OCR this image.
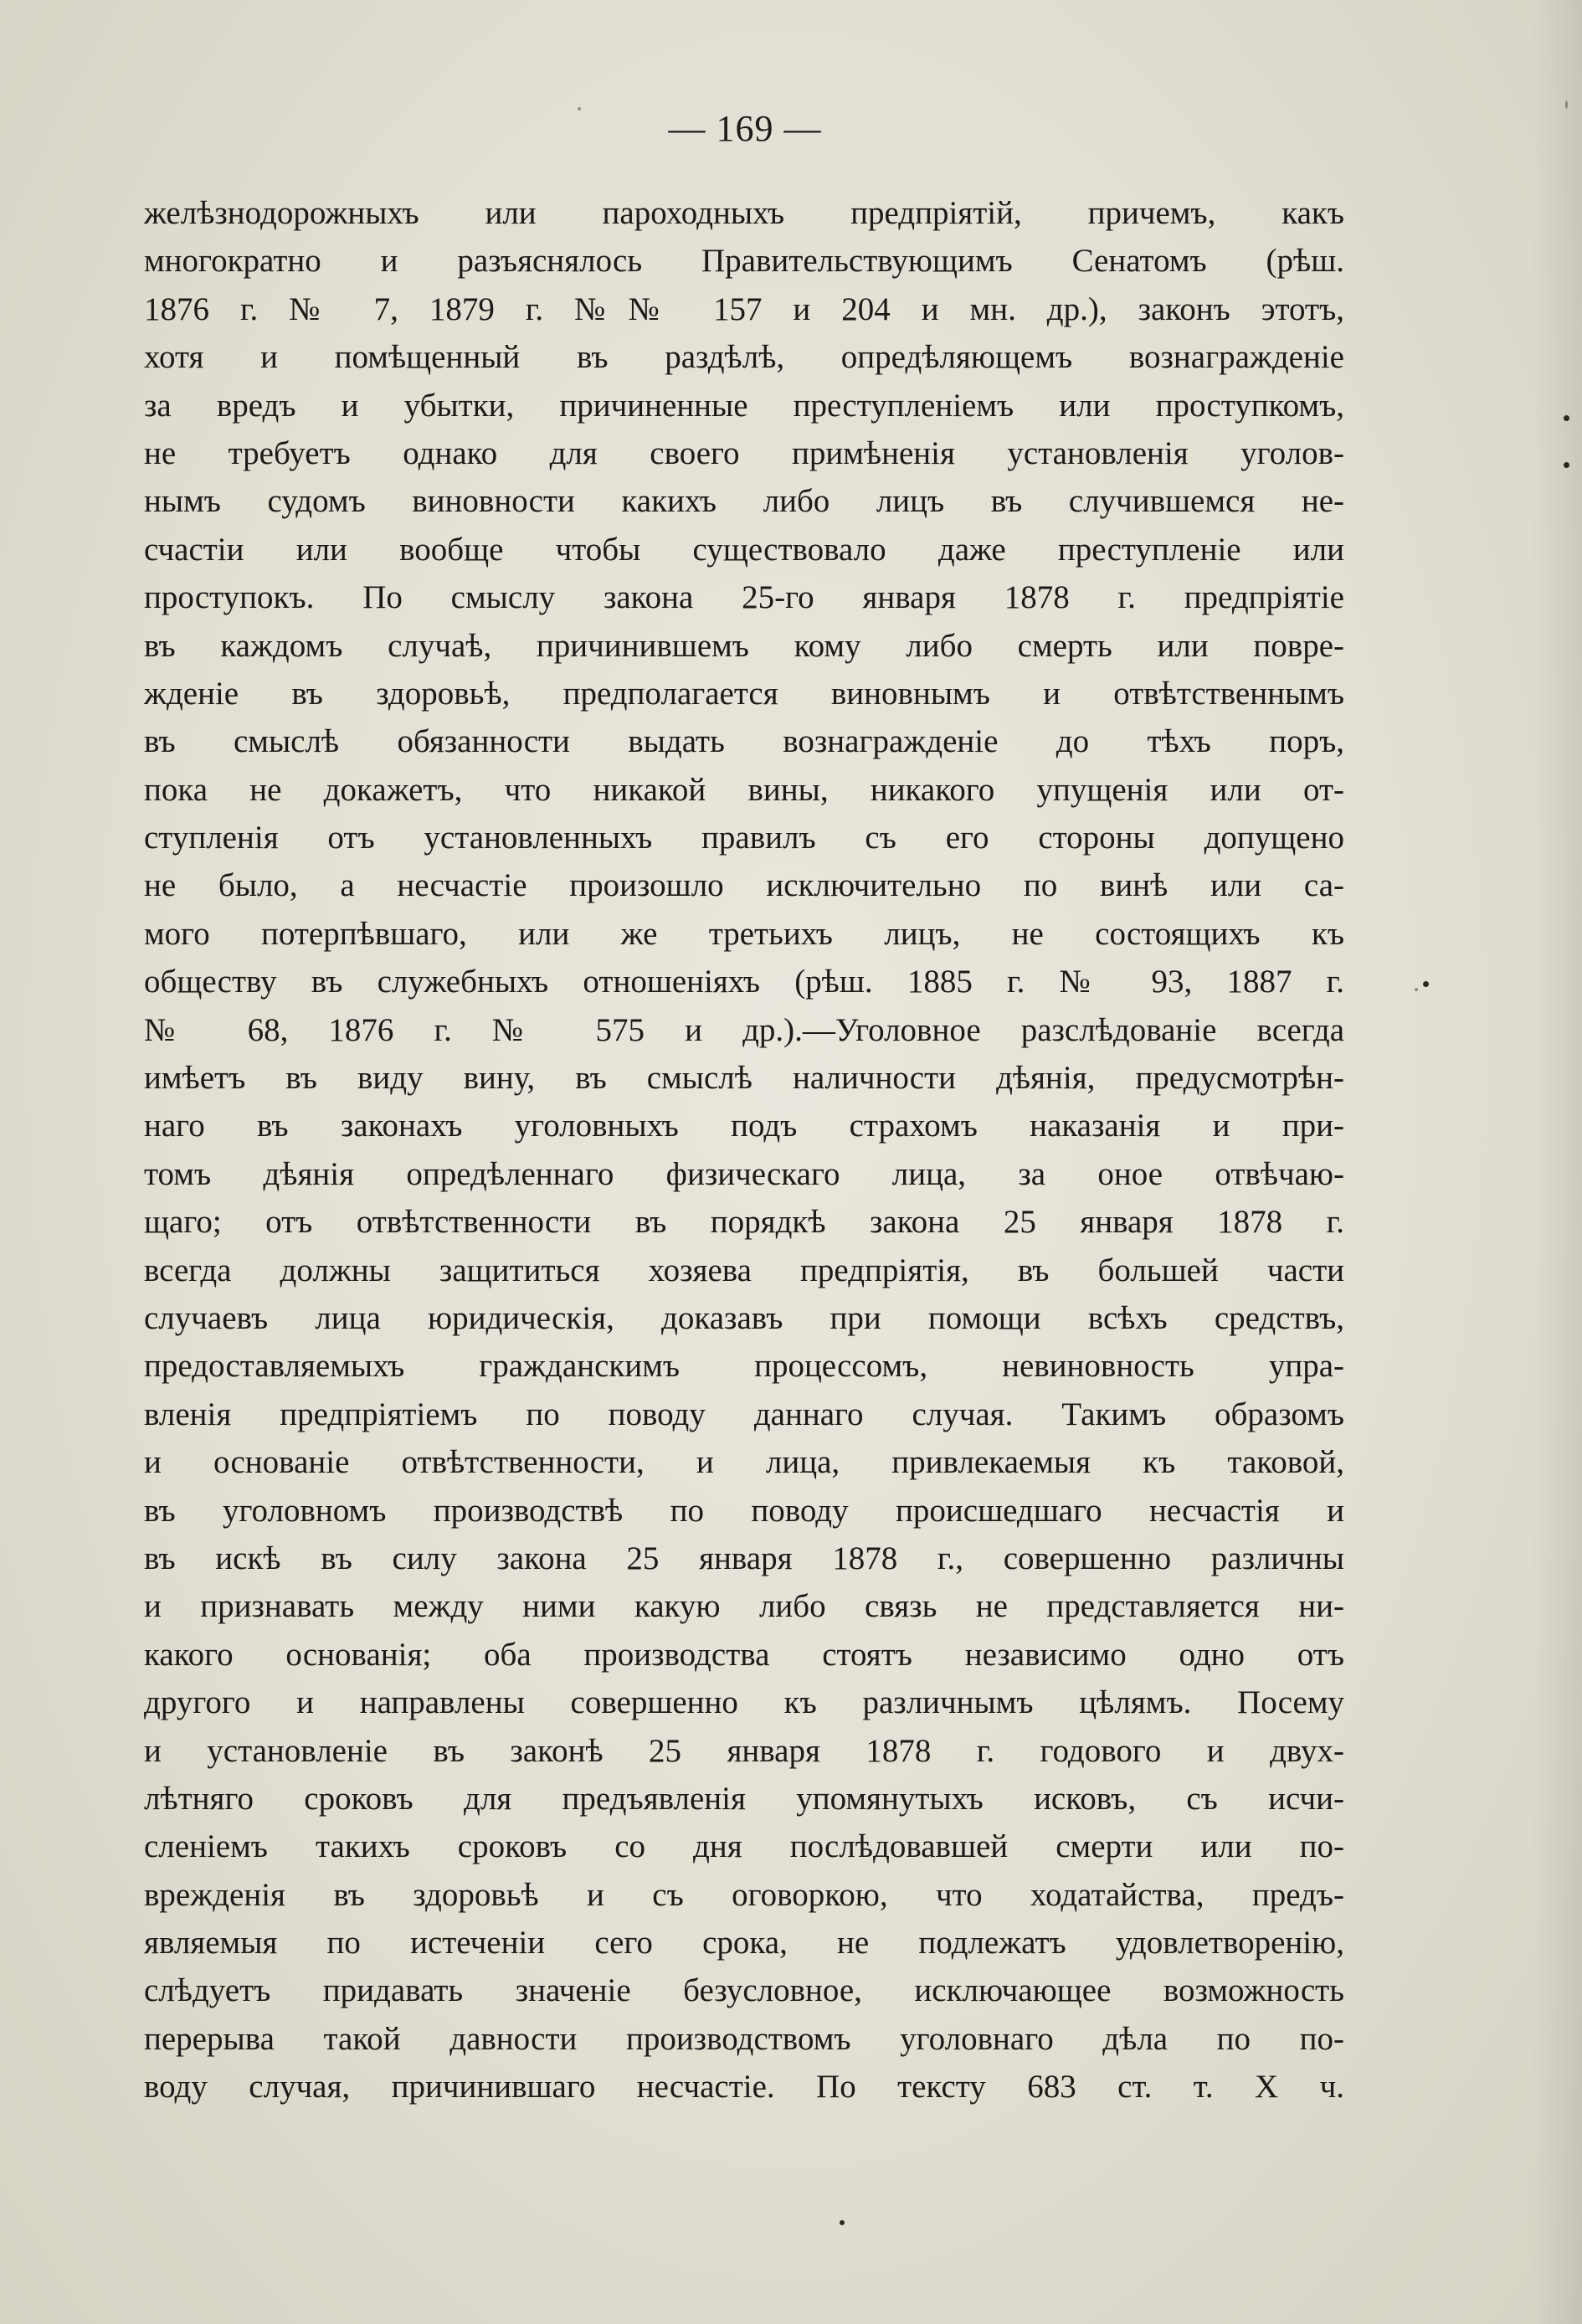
— 169 —
желѣзнодорожныхъ или пароходныхъ предпріятій, причемъ, какъ
многократно и разъяснялось Правительствующимъ Сенатомъ (рѣш.
1876 г. № 7, 1879 г. №№ 157 и 204 и мн. др.), законъ этотъ,
хотя и помѣщенный въ раздѣлѣ, опредѣляющемъ вознагражденіе
за вредъ и убытки, причиненные преступленіемъ или проступкомъ,
не требуетъ однако для своего примѣненія установленія уголов-
нымъ судомъ виновности какихъ либо лицъ въ случившемся не-
счастіи или вообще чтобы существовало даже преступленіе или
проступокъ. По смыслу закона 25-го января 1878 г. предпріятіе
въ каждомъ случаѣ, причинившемъ кому либо смерть или повре-
жденіе въ здоровьѣ, предполагается виновнымъ и отвѣтственнымъ
въ смыслѣ обязанности выдать вознагражденіе до тѣхъ поръ,
пока не докажетъ, что никакой вины, никакого упущенія или от-
ступленія отъ установленныхъ правилъ съ его стороны допущено
не было, а несчастіе произошло исключительно по винѣ или са-
мого потерпѣвшаго, или же третьихъ лицъ, не состоящихъ къ
обществу въ служебныхъ отношеніяхъ (рѣш. 1885 г. № 93, 1887 г.
№ 68, 1876 г. № 575 и др.).—Уголовное разслѣдованіе всегда
имѣетъ въ виду вину, въ смыслѣ наличности дѣянія, предусмотрѣн-
наго въ законахъ уголовныхъ подъ страхомъ наказанія и при-
томъ дѣянія опредѣленнаго физическаго лица, за оное отвѣчаю-
щаго; отъ отвѣтственности въ порядкѣ закона 25 января 1878 г.
всегда должны защититься хозяева предпріятія, въ большей части
случаевъ лица юридическія, доказавъ при помощи всѣхъ средствъ,
предоставляемыхъ гражданскимъ процессомъ, невиновность упра-
вленія предпріятіемъ по поводу даннаго случая. Такимъ образомъ
и основаніе отвѣтственности, и лица, привлекаемыя къ таковой,
въ уголовномъ производствѣ по поводу происшедшаго несчастія и
въ искѣ въ силу закона 25 января 1878 г., совершенно различны
и признавать между ними какую либо связь не представляется ни-
какого основанія; оба производства стоятъ независимо одно отъ
другого и направлены совершенно къ различнымъ цѣлямъ. Посему
и установленіе въ законѣ 25 января 1878 г. годового и двух-
лѣтняго сроковъ для предъявленія упомянутыхъ исковъ, съ исчи-
сленіемъ такихъ сроковъ со дня послѣдовавшей смерти или по-
врежденія въ здоровьѣ и съ оговоркою, что ходатайства, предъ-
являемыя по истеченіи сего срока, не подлежатъ удовлетворенію,
слѣдуетъ придавать значеніе безусловное, исключающее возможность
перерыва такой давности производствомъ уголовнаго дѣла по по-
воду случая, причинившаго несчастіе. По тексту 683 ст. т. X ч.
